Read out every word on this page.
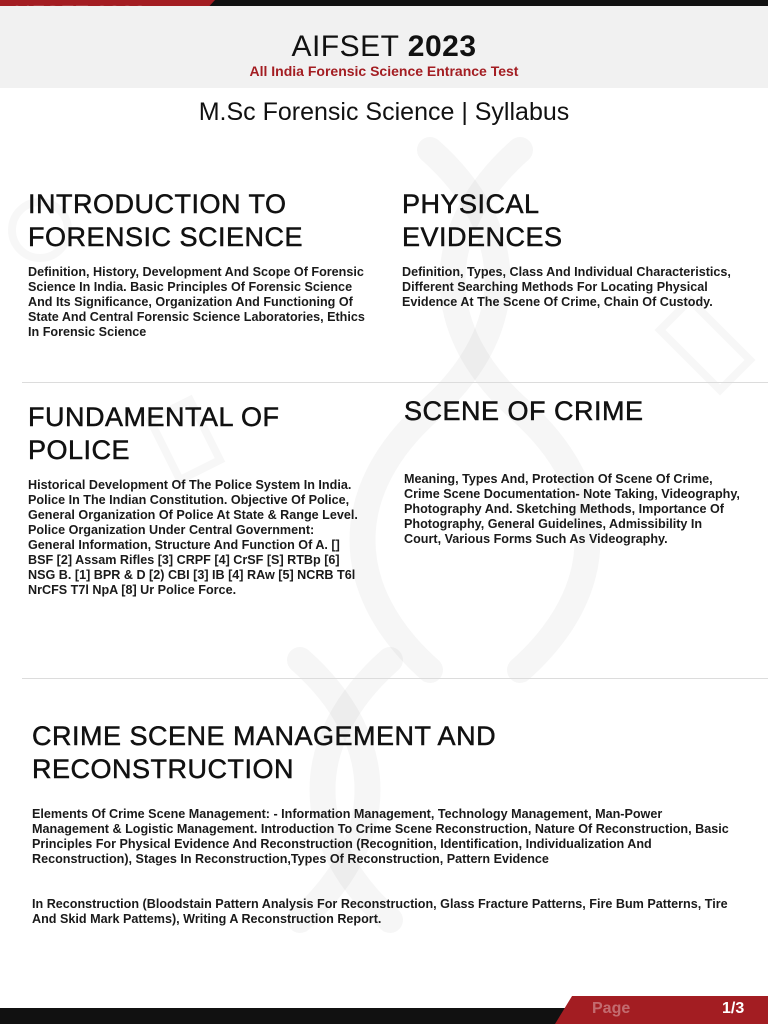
AIFSET 2023
All India Forensic Science Entrance Test
M.Sc Forensic Science | Syllabus
INTRODUCTION TO
FORENSIC SCIENCE

Definition, History, Development And Scope Of Forensic Science In India. Basic Principles Of Forensic Science And Its Significance, Organization And Functioning Of State And Central Forensic Science Laboratories, Ethics In Forensic Science

PHYSICAL
EVIDENCES

Definition, Types, Class And Individual Characteristics, Different Searching Methods For Locating Physical Evidence At The Scene Of Crime, Chain Of Custody.

FUNDAMENTAL OF
POLICE

Historical Development Of The Police System In India. Police In The Indian Constitution. Objective Of Police, General Organization Of Police At State & Range Level. Police Organization Under Central Government: General Information, Structure And Function Of A. [] BSF [2] Assam Rifles [3] CRPF [4] CrSF [S] RTBp [6] NSG B. [1] BPR & D [2) CBI [3] IB [4] RAw [5] NCRB T6l NrCFS T7l NpA [8] Ur Police Force.

SCENE OF CRIME

Meaning, Types And, Protection Of Scene Of Crime, Crime Scene Documentation- Note Taking, Videography, Photography And. Sketching Methods, Importance Of Photography, General Guidelines, Admissibility In Court, Various Forms Such As Videography.

CRIME SCENE MANAGEMENT AND
RECONSTRUCTION

Elements Of Crime Scene Management: - Information Management, Technology Management, Man-Power Management & Logistic Management. Introduction To Crime Scene Reconstruction, Nature Of Reconstruction, Basic Principles For Physical Evidence And Reconstruction (Recognition, Identification, Individualization And Reconstruction), Stages In Reconstruction,Types Of Reconstruction, Pattern Evidence

In Reconstruction (Bloodstain Pattern Analysis For Reconstruction, Glass Fracture Patterns, Fire Bum Patterns, Tire And Skid Mark Pattems), Writing A Reconstruction Report.

Page	1/3
